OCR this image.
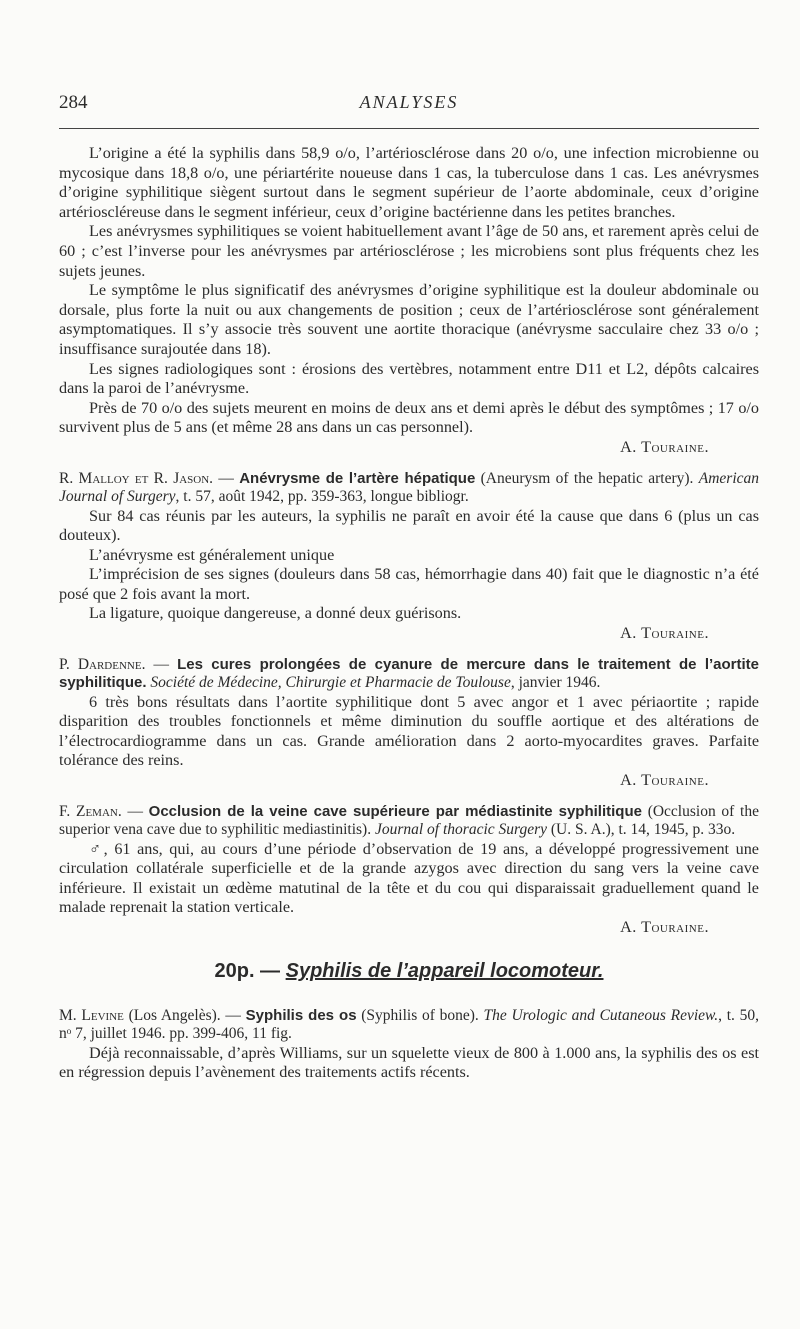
284	ANALYSES

L’origine a été la syphilis dans 58,9 o/o, l’artériosclérose dans 20 o/o, une infection microbienne ou mycosique dans 18,8 o/o, une périartérite noueuse dans 1 cas, la tuberculose dans 1 cas. Les anévrysmes d’origine syphilitique siègent surtout dans le segment supérieur de l’aorte abdominale, ceux d’origine artérioscléreuse dans le segment inférieur, ceux d’origine bactérienne dans les petites branches.

Les anévrysmes syphilitiques se voient habituellement avant l’âge de 50 ans, et rarement après celui de 60 ; c’est l’inverse pour les anévrysmes par artériosclérose ; les microbiens sont plus fréquents chez les sujets jeunes.

Le symptôme le plus significatif des anévrysmes d’origine syphilitique est la douleur abdominale ou dorsale, plus forte la nuit ou aux changements de position ; ceux de l’artériosclérose sont généralement asymptomatiques. Il s’y associe très souvent une aortite thoracique (anévrysme sacculaire chez 33 o/o ; insuffisance surajoutée dans 18).

Les signes radiologiques sont : érosions des vertèbres, notamment entre D11 et L2, dépôts calcaires dans la paroi de l’anévrysme.

Près de 70 o/o des sujets meurent en moins de deux ans et demi après le début des symptômes ; 17 o/o survivent plus de 5 ans (et même 28 ans dans un cas personnel).

A. Touraine.

R. Malloy et R. Jason. — Anévrysme de l’artère hépatique (Aneurysm of the hepatic artery). American Journal of Surgery, t. 57, août 1942, pp. 359-363, longue bibliogr.

Sur 84 cas réunis par les auteurs, la syphilis ne paraît en avoir été la cause que dans 6 (plus un cas douteux).

L’anévrysme est généralement unique

L’imprécision de ses signes (douleurs dans 58 cas, hémorrhagie dans 40) fait que le diagnostic n’a été posé que 2 fois avant la mort.

La ligature, quoique dangereuse, a donné deux guérisons.

A. Touraine.

P. Dardenne. — Les cures prolongées de cyanure de mercure dans le traitement de l’aortite syphilitique. Société de Médecine, Chirurgie et Pharmacie de Toulouse, janvier 1946.

6 très bons résultats dans l’aortite syphilitique dont 5 avec angor et 1 avec périaortite ; rapide disparition des troubles fonctionnels et même diminution du souffle aortique et des altérations de l’électrocardiogramme dans un cas. Grande amélioration dans 2 aorto-myocardites graves. Parfaite tolérance des reins.

A. Touraine.

F. Zeman. — Occlusion de la veine cave supérieure par médiastinite syphilitique (Occlusion of the superior vena cave due to syphilitic mediastinitis). Journal of thoracic Surgery (U. S. A.), t. 14, 1945, p. 33o.

♂, 61 ans, qui, au cours d’une période d’observation de 19 ans, a développé progressivement une circulation collatérale superficielle et de la grande azygos avec direction du sang vers la veine cave inférieure. Il existait un œdème matutinal de la tête et du cou qui disparaissait graduellement quand le malade reprenait la station verticale.

A. Touraine.

20p. — Syphilis de l’appareil locomoteur.

M. Levine (Los Angelès). — Syphilis des os (Syphilis of bone). The Urologic and Cutaneous Review., t. 50, nᵒ 7, juillet 1946. pp. 399-406, 11 fig.

Déjà reconnaissable, d’après Williams, sur un squelette vieux de 800 à 1.000 ans, la syphilis des os est en régression depuis l’avènement des traitements actifs récents.
